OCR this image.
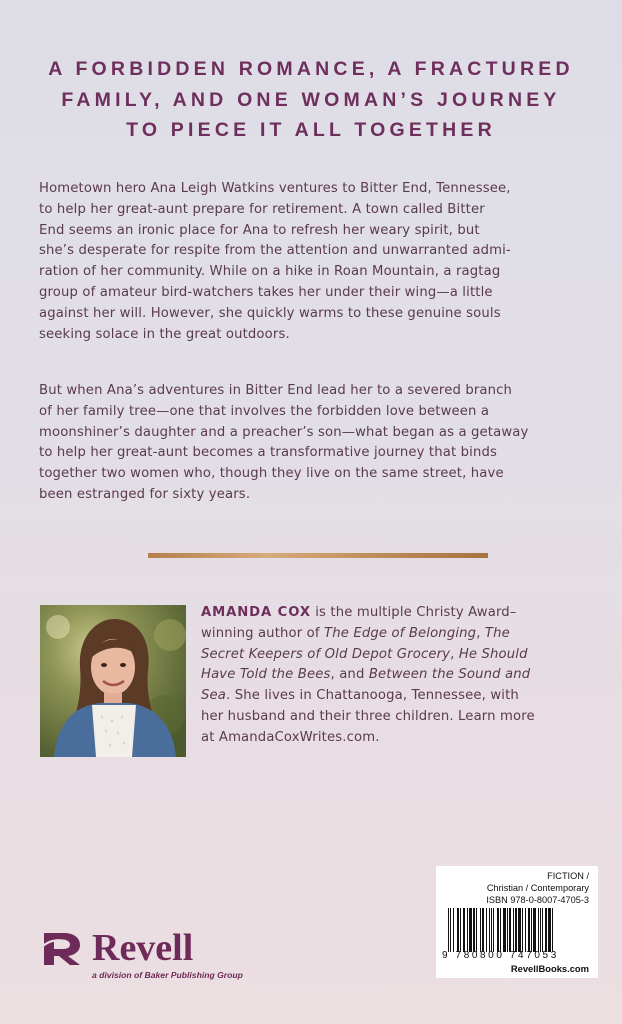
A FORBIDDEN ROMANCE, A FRACTURED
FAMILY, AND ONE WOMAN’S JOURNEY
TO PIECE IT ALL TOGETHER
Hometown hero Ana Leigh Watkins ventures to Bitter End, Tennessee,
to help her great-aunt prepare for retirement. A town called Bitter
End seems an ironic place for Ana to refresh her weary spirit, but
she’s desperate for respite from the attention and unwarranted admi-
ration of her community. While on a hike in Roan Mountain, a ragtag
group of amateur bird-watchers takes her under their wing—a little
against her will. However, she quickly warms to these genuine souls
seeking solace in the great outdoors.
But when Ana’s adventures in Bitter End lead her to a severed branch
of her family tree—one that involves the forbidden love between a
moonshiner’s daughter and a preacher’s son—what began as a getaway
to help her great-aunt becomes a transformative journey that binds
together two women who, though they live on the same street, have
been estranged for sixty years.
AMANDA COX is the multiple Christy Award–
winning author of The Edge of Belonging, The
Secret Keepers of Old Depot Grocery, He Should
Have Told the Bees, and Between the Sound and
Sea. She lives in Chattanooga, Tennessee, with
her husband and their three children. Learn more
at AmandaCoxWrites.com.
Revell
a division of Baker Publishing Group
FICTION /
Christian / Contemporary
ISBN 978-0-8007-4705-3
9 780800 747053
RevellBooks.com
